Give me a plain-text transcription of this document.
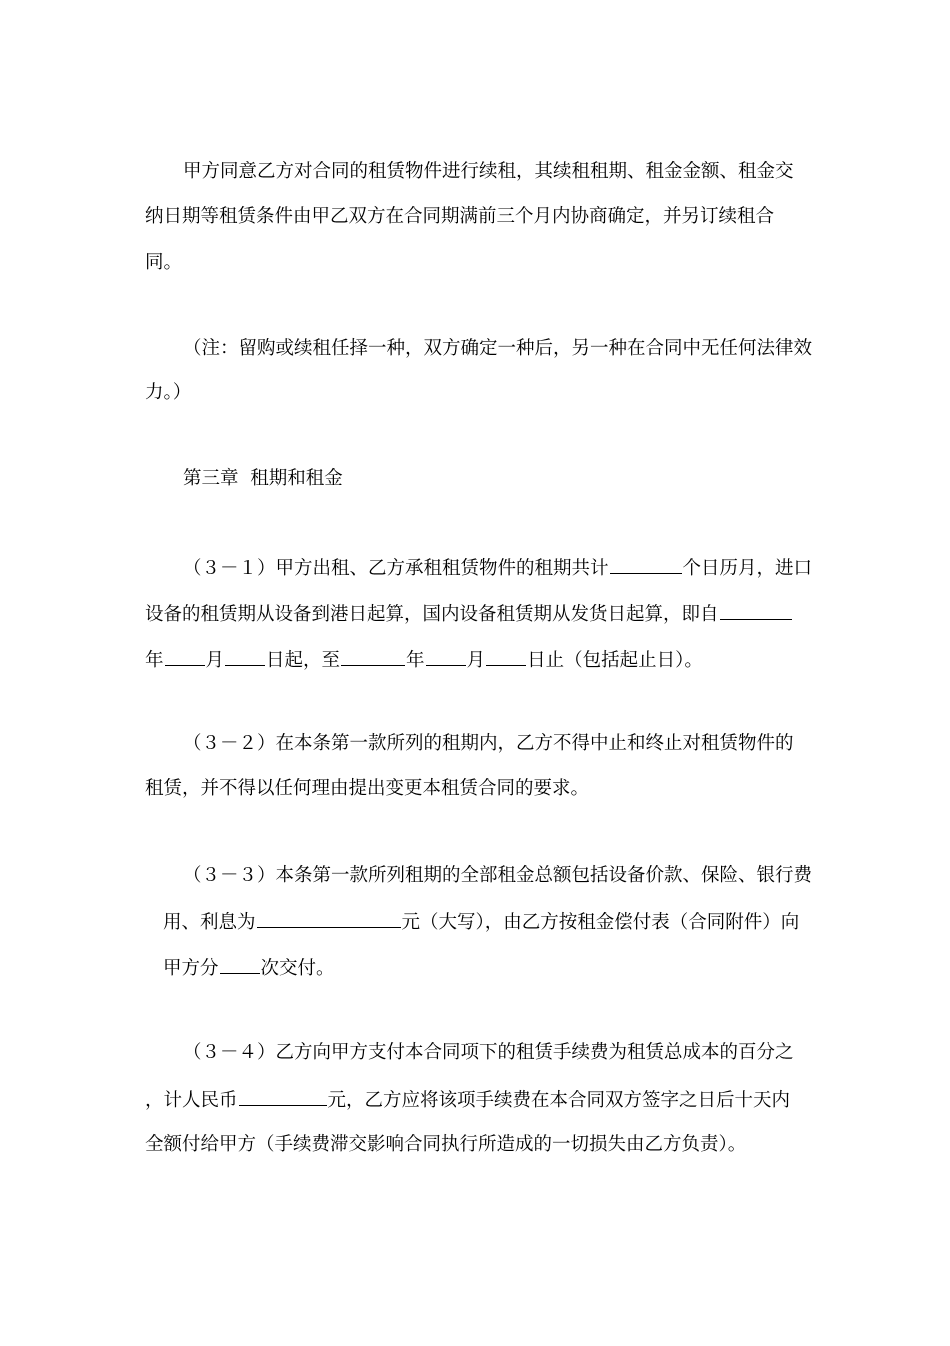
甲方同意乙方对合同的租赁物件进行续租，其续租租期、租金金额、租金交
纳日期等租赁条件由甲乙双方在合同期满前三个月内协商确定，并另订续租合
同。
（注：留购或续租任择一种，双方确定一种后，另一种在合同中无任何法律效
力。）
第三章  租期和租金
（３－１）甲方出租、乙方承租租赁物件的租期共计	个日历月，进口
设备的租赁期从设备到港日起算，国内设备租赁期从发货日起算，即自
年 月 日起，至	年 月 日止（包括起止日）。
（３－２）在本条第一款所列的租期内，乙方不得中止和终止对租赁物件的
租赁，并不得以任何理由提出变更本租赁合同的要求。
（３－３）本条第一款所列租期的全部租金总额包括设备价款、保险、银行费
用、利息为	元（大写），由乙方按租金偿付表（合同附件）向
甲方分 次交付。
（３－４）乙方向甲方支付本合同项下的租赁手续费为租赁总成本的百分之
，计人民币	元，乙方应将该项手续费在本合同双方签字之日后十天内
全额付给甲方（手续费滞交影响合同执行所造成的一切损失由乙方负责）。
